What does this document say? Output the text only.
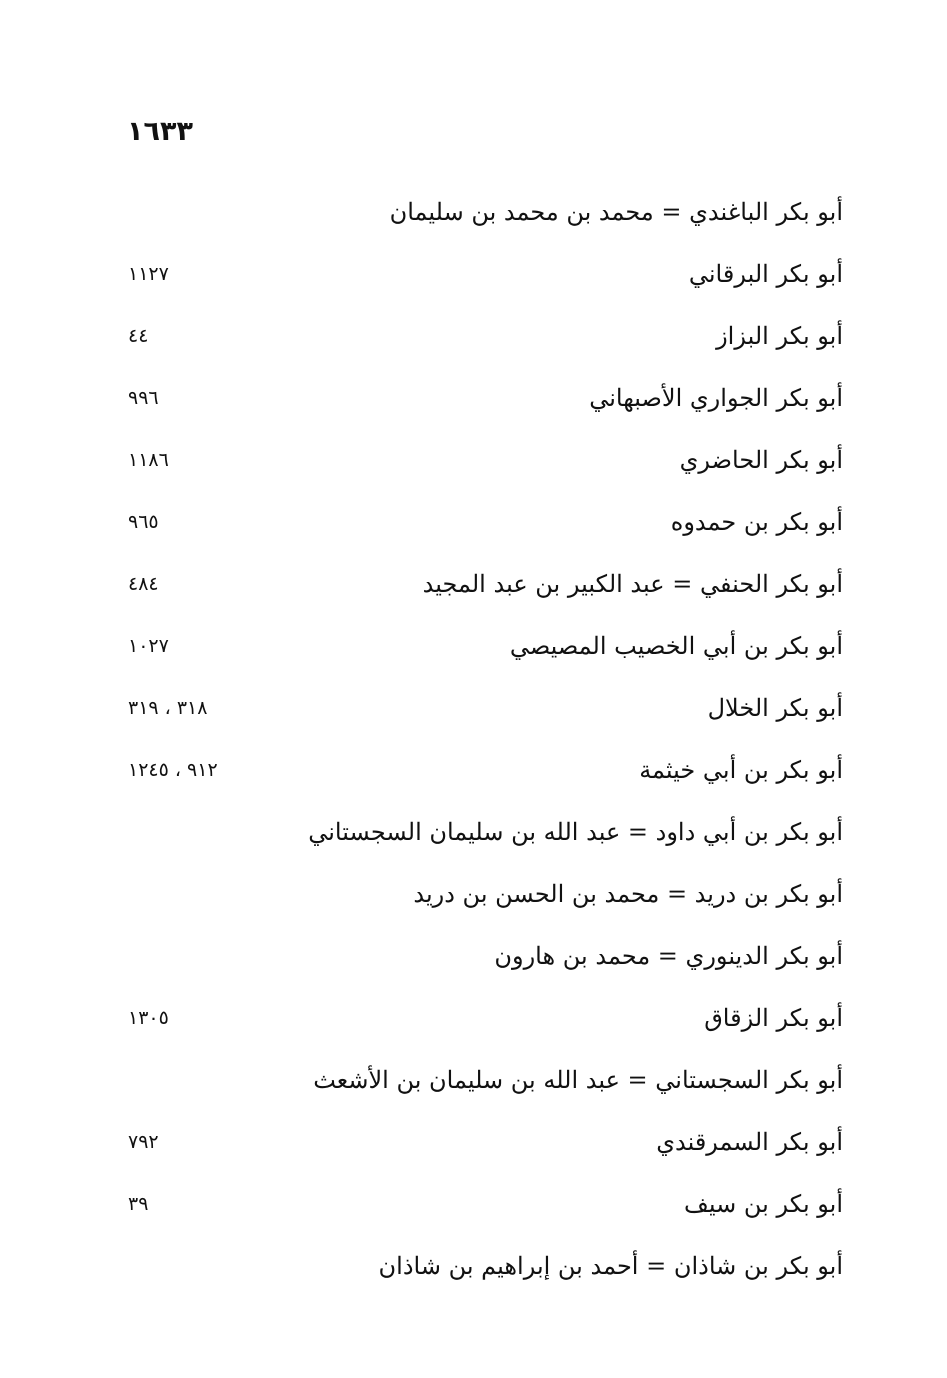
١٦٣٣
أبو بكر الباغندي = محمد بن محمد بن سليمان
أبو بكر البرقاني
١١٢٧
أبو بكر البزاز
٤٤
أبو بكر الجواري الأصبهاني
٩٩٦
أبو بكر الحاضري
١١٨٦
أبو بكر بن حمدوه
٩٦٥
أبو بكر الحنفي = عبد الكبير بن عبد المجيد
٤٨٤
أبو بكر بن أبي الخصيب المصيصي
١٠٢٧
أبو بكر الخلال
٣١٨ ، ٣١٩
أبو بكر بن أبي خيثمة
٩١٢ ، ١٢٤٥
أبو بكر بن أبي داود = عبد الله بن سليمان السجستاني
أبو بكر بن دريد = محمد بن الحسن بن دريد
أبو بكر الدينوري = محمد بن هارون
أبو بكر الزقاق
١٣٠٥
أبو بكر السجستاني = عبد الله بن سليمان بن الأشعث
أبو بكر السمرقندي
٧٩٢
أبو بكر بن سيف
٣٩
أبو بكر بن شاذان = أحمد بن إبراهيم بن شاذان
